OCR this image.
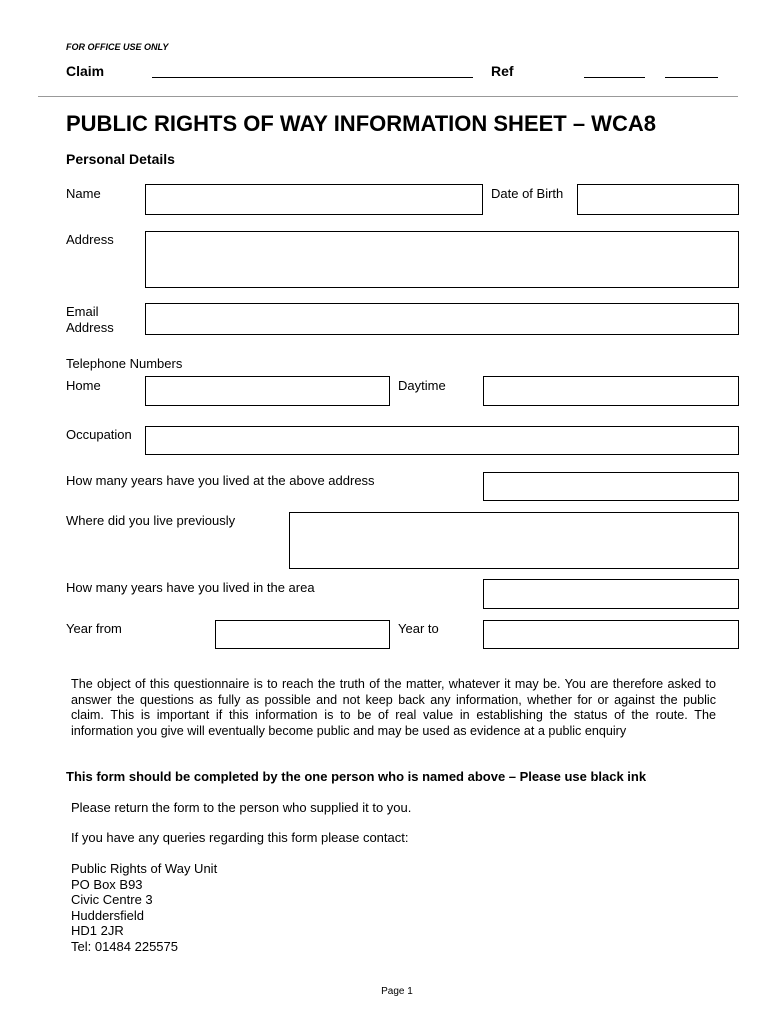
FOR OFFICE USE ONLY
Claim	Ref
PUBLIC RIGHTS OF WAY INFORMATION SHEET – WCA8
Personal Details
Name	Date of Birth
Address
Email
Address
Telephone Numbers
Home	Daytime
Occupation
How many years have you lived at the above address
Where did you live previously
How many years have you lived in the area
Year from	Year to
The object of this questionnaire is to reach the truth of the matter, whatever it may be. You are therefore asked to answer the questions as fully as possible and not keep back any information, whether for or against the public claim. This is important if this information is to be of real value in establishing the status of the route. The information you give will eventually become public and may be used as evidence at a public enquiry
This form should be completed by the one person who is named above – Please use black ink
Please return the form to the person who supplied it to you.
If you have any queries regarding this form please contact:
Public Rights of Way Unit
PO Box B93
Civic Centre 3
Huddersfield
HD1 2JR
Tel: 01484 225575
Page 1
